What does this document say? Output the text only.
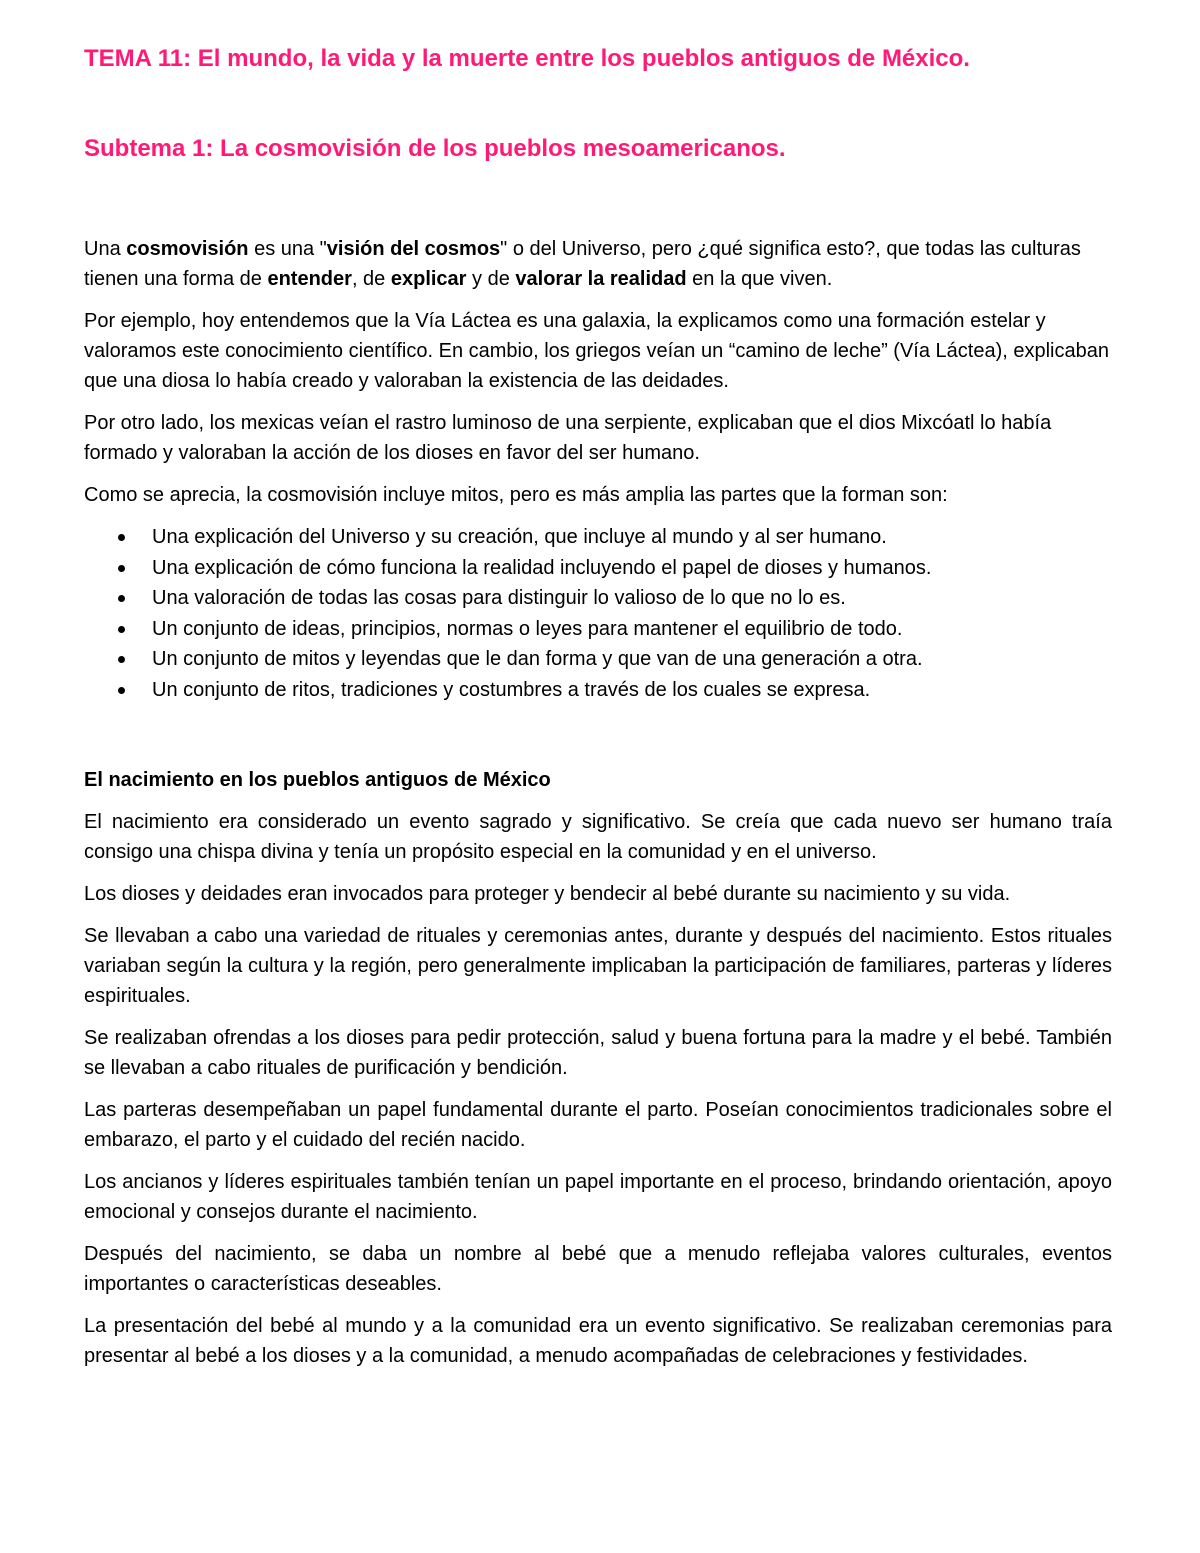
TEMA 11: El mundo, la vida y la muerte entre los pueblos antiguos de México.
Subtema 1: La cosmovisión de los pueblos mesoamericanos.

Una cosmovisión es una "visión del cosmos" o del Universo, pero ¿qué significa esto?, que todas las culturas tienen una forma de entender, de explicar y de valorar la realidad en la que viven.

Por ejemplo, hoy entendemos que la Vía Láctea es una galaxia, la explicamos como una formación estelar y valoramos este conocimiento científico. En cambio, los griegos veían un “camino de leche” (Vía Láctea), explicaban que una diosa lo había creado y valoraban la existencia de las deidades.

Por otro lado, los mexicas veían el rastro luminoso de una serpiente, explicaban que el dios Mixcóatl lo había formado y valoraban la acción de los dioses en favor del ser humano.

Como se aprecia, la cosmovisión incluye mitos, pero es más amplia las partes que la forman son:

Una explicación del Universo y su creación, que incluye al mundo y al ser humano.
Una explicación de cómo funciona la realidad incluyendo el papel de dioses y humanos.
Una valoración de todas las cosas para distinguir lo valioso de lo que no lo es.
Un conjunto de ideas, principios, normas o leyes para mantener el equilibrio de todo.
Un conjunto de mitos y leyendas que le dan forma y que van de una generación a otra.
Un conjunto de ritos, tradiciones y costumbres a través de los cuales se expresa.
El nacimiento en los pueblos antiguos de México

El nacimiento era considerado un evento sagrado y significativo. Se creía que cada nuevo ser humano traía consigo una chispa divina y tenía un propósito especial en la comunidad y en el universo.

Los dioses y deidades eran invocados para proteger y bendecir al bebé durante su nacimiento y su vida.

Se llevaban a cabo una variedad de rituales y ceremonias antes, durante y después del nacimiento. Estos rituales variaban según la cultura y la región, pero generalmente implicaban la participación de familiares, parteras y líderes espirituales.

Se realizaban ofrendas a los dioses para pedir protección, salud y buena fortuna para la madre y el bebé. También se llevaban a cabo rituales de purificación y bendición.

Las parteras desempeñaban un papel fundamental durante el parto. Poseían conocimientos tradicionales sobre el embarazo, el parto y el cuidado del recién nacido.

Los ancianos y líderes espirituales también tenían un papel importante en el proceso, brindando orientación, apoyo emocional y consejos durante el nacimiento.

Después del nacimiento, se daba un nombre al bebé que a menudo reflejaba valores culturales, eventos importantes o características deseables.

La presentación del bebé al mundo y a la comunidad era un evento significativo. Se realizaban ceremonias para presentar al bebé a los dioses y a la comunidad, a menudo acompañadas de celebraciones y festividades.
